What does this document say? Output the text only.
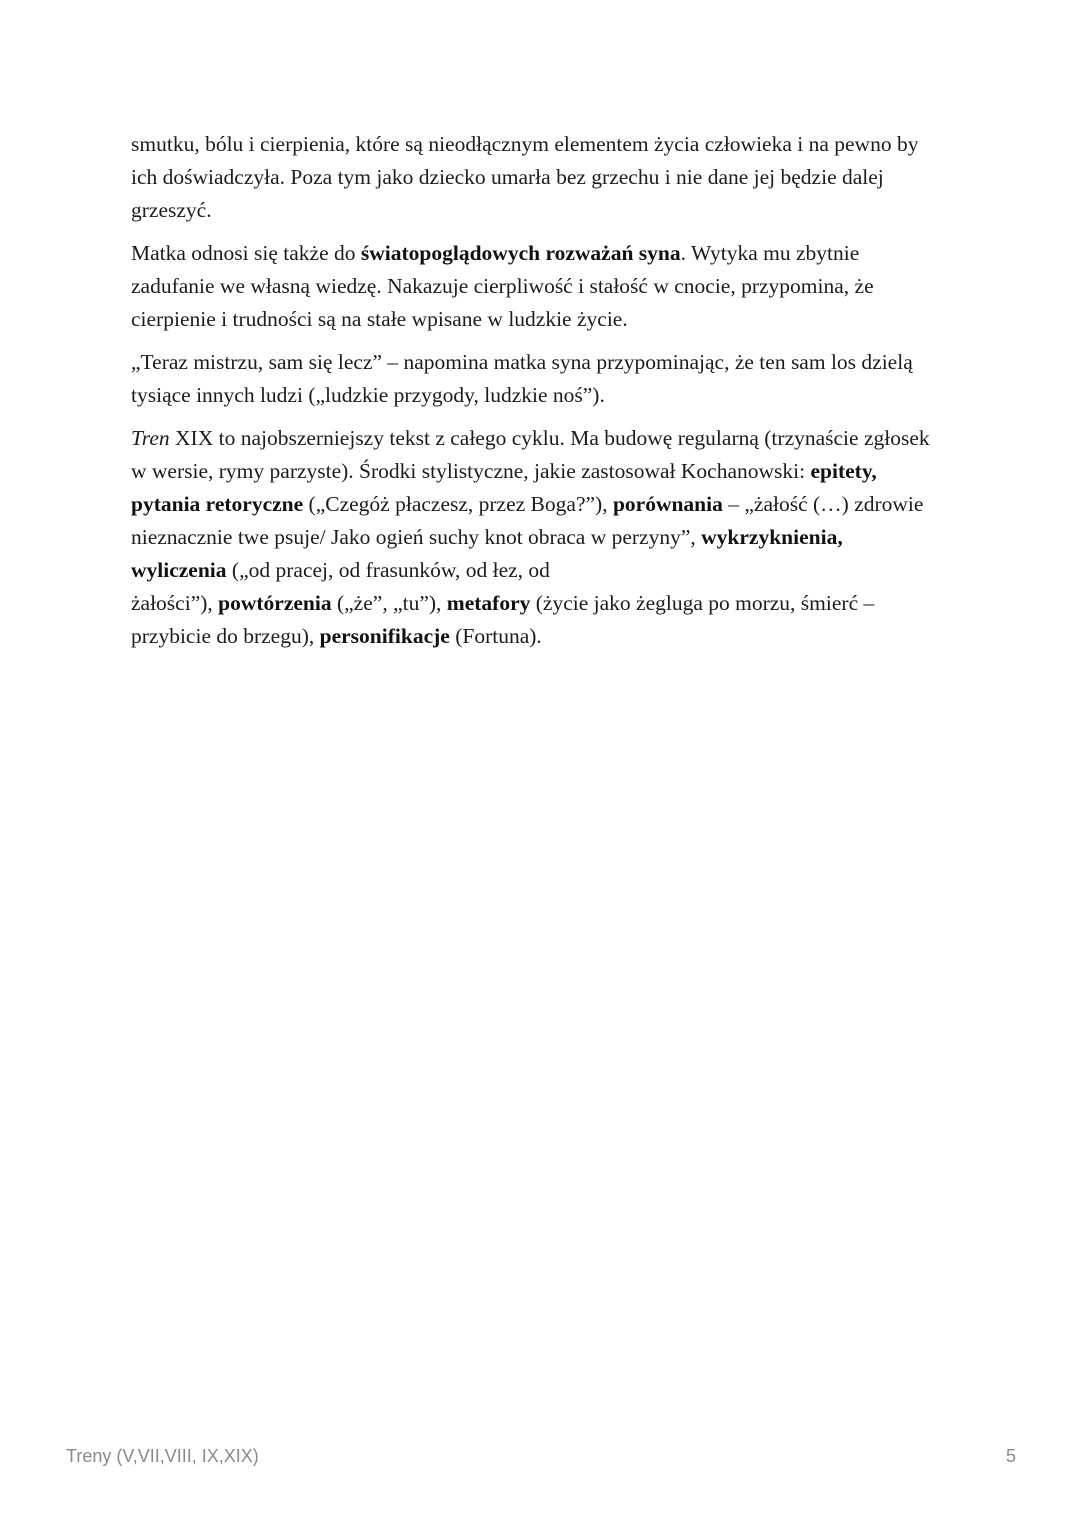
smutku, bólu i cierpienia, które są nieodłącznym elementem życia człowieka i na pewno by
ich doświadczyła. Poza tym jako dziecko umarła bez grzechu i nie dane jej będzie dalej
grzeszyć.

Matka odnosi się także do światopoglądowych rozważań syna. Wytyka mu zbytnie
zadufanie we własną wiedzę. Nakazuje cierpliwość i stałość w cnocie, przypomina, że
cierpienie i trudności są na stałe wpisane w ludzkie życie.

„Teraz mistrzu, sam się lecz” – napomina matka syna przypominając, że ten sam los dzielą
tysiące innych ludzi („ludzkie przygody, ludzkie noś”).

Tren XIX to najobszerniejszy tekst z całego cyklu. Ma budowę regularną (trzynaście zgłosek
w wersie, rymy parzyste). Środki stylistyczne, jakie zastosował Kochanowski: epitety,
pytania retoryczne („Czegóż płaczesz, przez Boga?”), porównania – „żałość (…) zdrowie
nieznacznie twe psuje/ Jako ogień suchy knot obraca w perzyny”, wykrzyknienia,
wyliczenia („od pracej, od frasunków, od łez, od
żałości”), powtórzenia („że”, „tu”), metafory (życie jako żegluga po morzu, śmierć –
przybicie do brzegu), personifikacje (Fortuna).

Treny (V,VII,VIII, IX,XIX)	5
